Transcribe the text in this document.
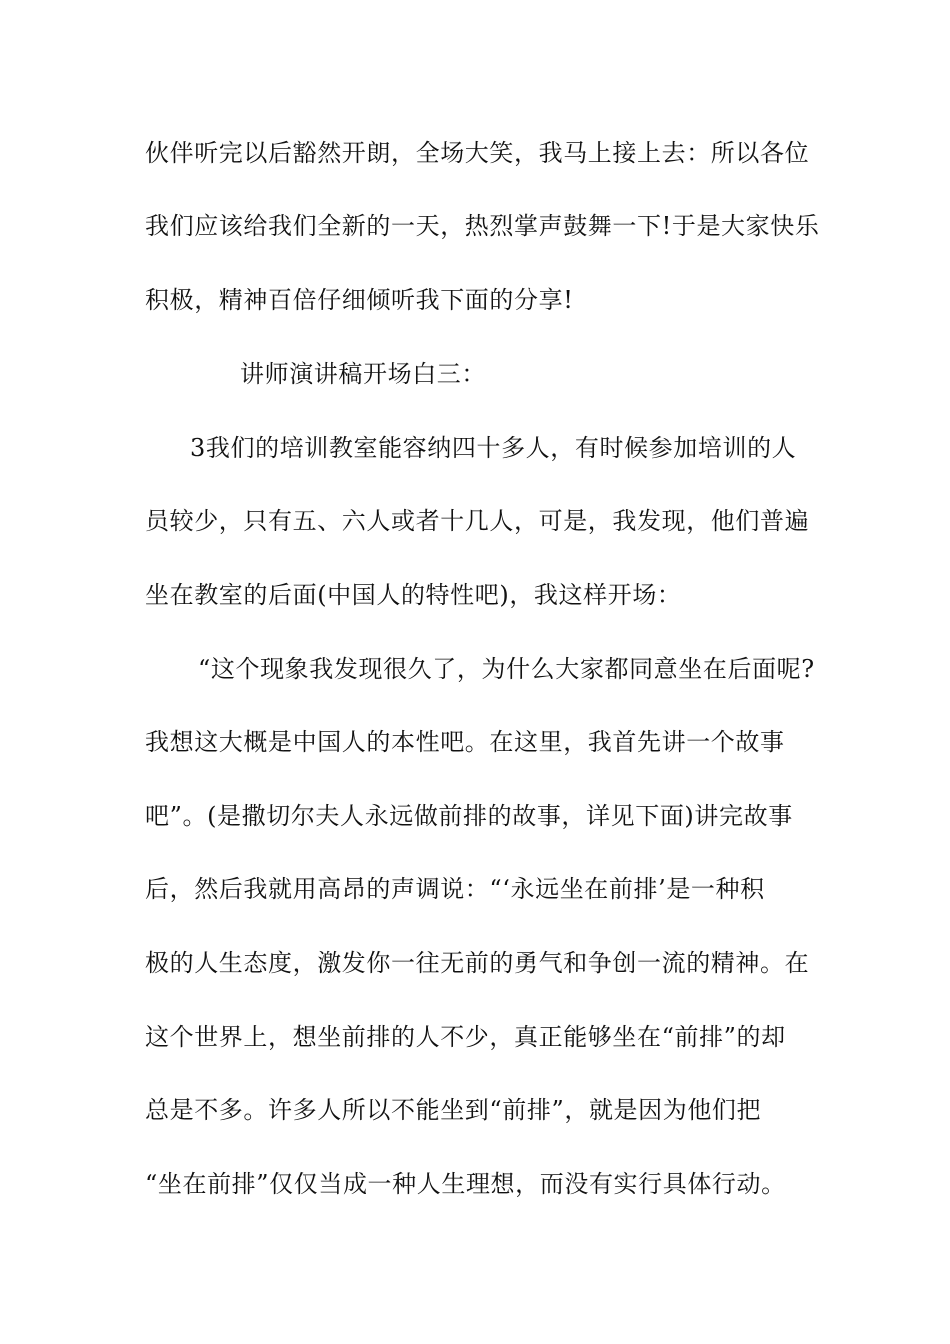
伙伴听完以后豁然开朗，全场大笑，我马上接上去：所以各位
我们应该给我们全新的一天，热烈掌声鼓舞一下!于是大家快乐
积极，精神百倍仔细倾听我下面的分享!
讲师演讲稿开场白三：
3我们的培训教室能容纳四十多人，有时候参加培训的人
员较少，只有五、六人或者十几人，可是，我发现，他们普遍
坐在教室的后面(中国人的特性吧)，我这样开场：
“这个现象我发现很久了，为什么大家都同意坐在后面呢?
我想这大概是中国人的本性吧。在这里，我首先讲一个故事
吧”。(是撒切尔夫人永远做前排的故事，详见下面)讲完故事
后，然后我就用高昂的声调说：“‘永远坐在前排’是一种积
极的人生态度，激发你一往无前的勇气和争创一流的精神。在
这个世界上，想坐前排的人不少，真正能够坐在“前排”的却
总是不多。许多人所以不能坐到“前排”，就是因为他们把
“坐在前排”仅仅当成一种人生理想，而没有实行具体行动。
